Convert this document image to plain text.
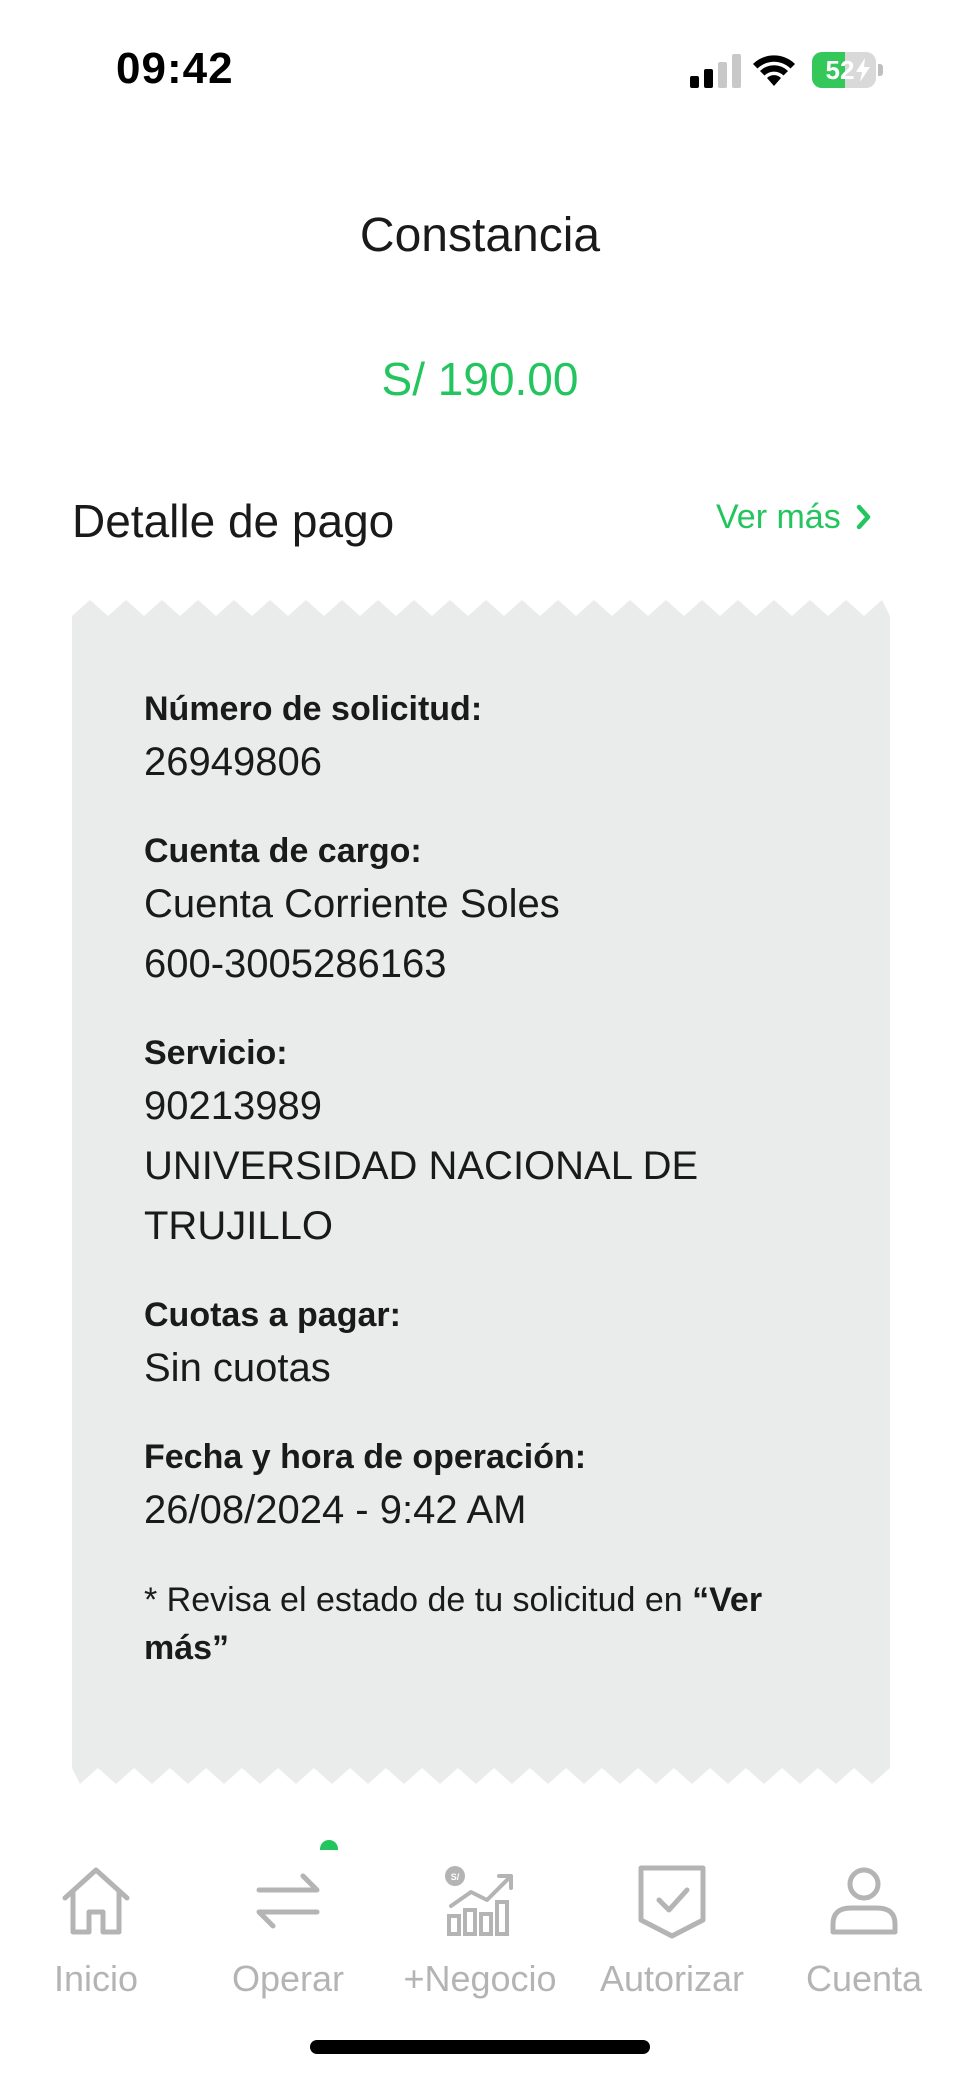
09:42	52
Constancia
S/ 190.00
Detalle de pago	Ver más
Número de solicitud:
26949806
Cuenta de cargo:
Cuenta Corriente Soles
600-3005286163
Servicio:
90213989
UNIVERSIDAD NACIONAL DE
TRUJILLO
Cuotas a pagar:
Sin cuotas
Fecha y hora de operación:
26/08/2024 - 9:42 AM
* Revisa el estado de tu solicitud en “Ver más”
Inicio	Operar
S/
+Negocio	Autorizar	Cuenta
